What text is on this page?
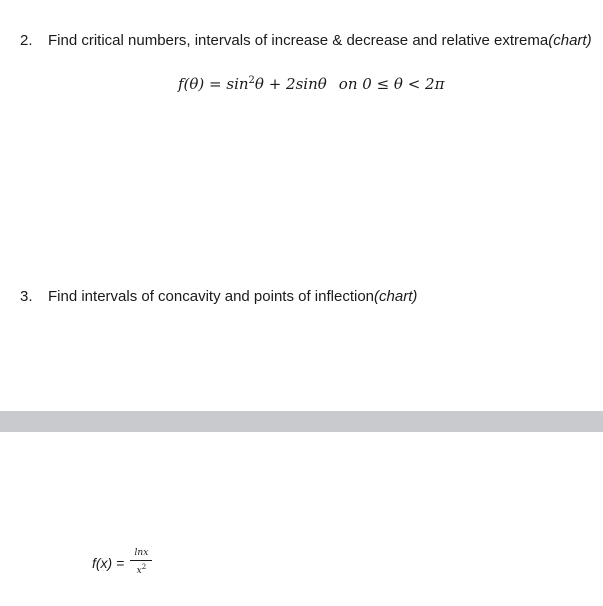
2. Find critical numbers, intervals of increase & decrease and relative extrema(chart)
$f(\theta) = \sin^2\theta + 2\sin\theta$ on 0 ≤ θ < 2π
3. Find intervals of concavity and points of inflection(chart)
$f(x) = \frac{\ln x}{x^2}$
